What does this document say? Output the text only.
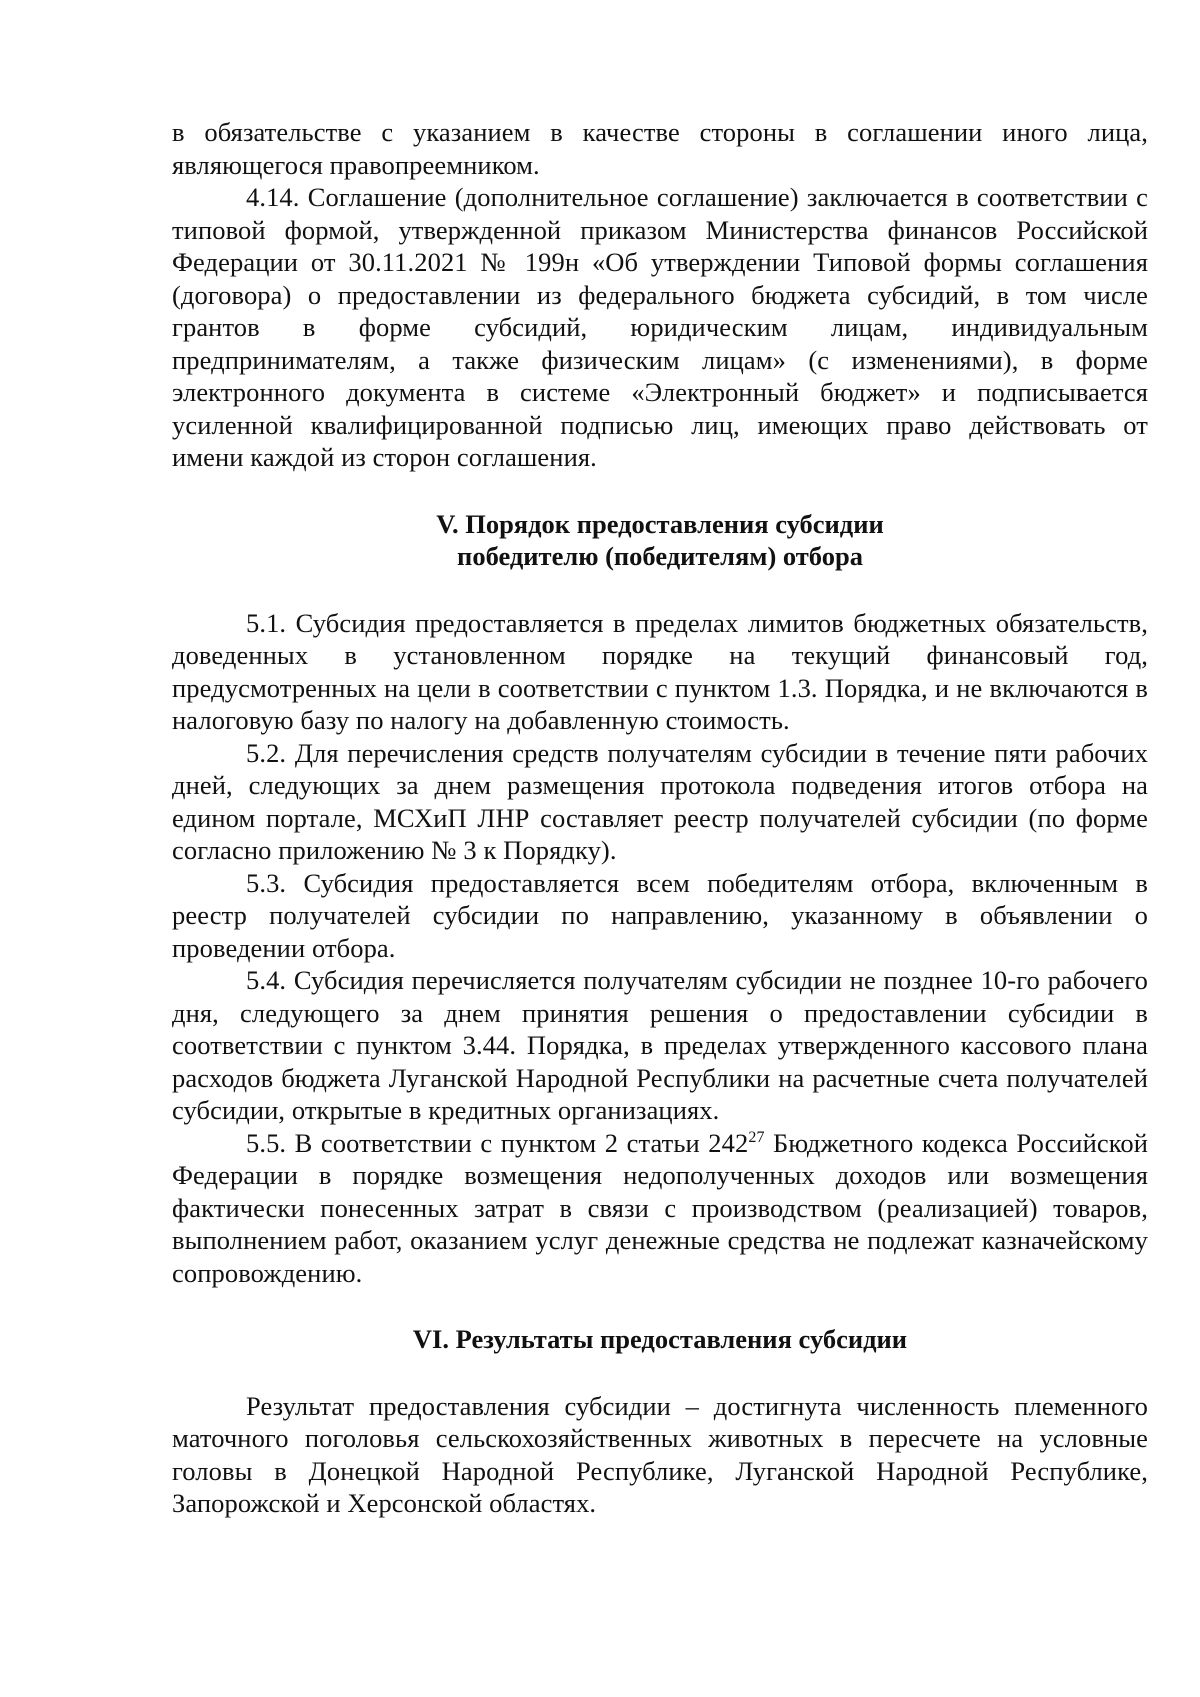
в обязательстве с указанием в качестве стороны в соглашении иного лица, являющегося правопреемником.

4.14. Соглашение (дополнительное соглашение) заключается в соответствии с типовой формой, утвержденной приказом Министерства финансов Российской Федерации от 30.11.2021 № 199н «Об утверждении Типовой формы соглашения (договора) о предоставлении из федерального бюджета субсидий, в том числе грантов в форме субсидий, юридическим лицам, индивидуальным предпринимателям, а также физическим лицам» (с изменениями), в форме электронного документа в системе «Электронный бюджет» и подписывается усиленной квалифицированной подписью лиц, имеющих право действовать от имени каждой из сторон соглашения.

V. Порядок предоставления субсидии

победителю (победителям) отбора

5.1. Субсидия предоставляется в пределах лимитов бюджетных обязательств, доведенных в установленном порядке на текущий финансовый год, предусмотренных на цели в соответствии с пунктом 1.3. Порядка, и не включаются в налоговую базу по налогу на добавленную стоимость.

5.2. Для перечисления средств получателям субсидии в течение пяти рабочих дней, следующих за днем размещения протокола подведения итогов отбора на едином портале, МСХиП ЛНР составляет реестр получателей субсидии (по форме согласно приложению № 3 к Порядку).

5.3. Субсидия предоставляется всем победителям отбора, включенным в реестр получателей субсидии по направлению, указанному в объявлении о проведении отбора.

5.4. Субсидия перечисляется получателям субсидии не позднее 10-го рабочего дня, следующего за днем принятия решения о предоставлении субсидии в соответствии с пунктом 3.44. Порядка, в пределах утвержденного кассового плана расходов бюджета Луганской Народной Республики на расчетные счета получателей субсидии, открытые в кредитных организациях.

5.5. В соответствии с пунктом 2 статьи $242^{27}$ Бюджетного кодекса Российской Федерации в порядке возмещения недополученных доходов или возмещения фактически понесенных затрат в связи с производством (реализацией) товаров, выполнением работ, оказанием услуг денежные средства не подлежат казначейскому сопровождению.

VI. Результаты предоставления субсидии

Результат предоставления субсидии – достигнута численность племенного маточного поголовья сельскохозяйственных животных в пересчете на условные головы в Донецкой Народной Республике, Луганской Народной Республике, Запорожской и Херсонской областях.
